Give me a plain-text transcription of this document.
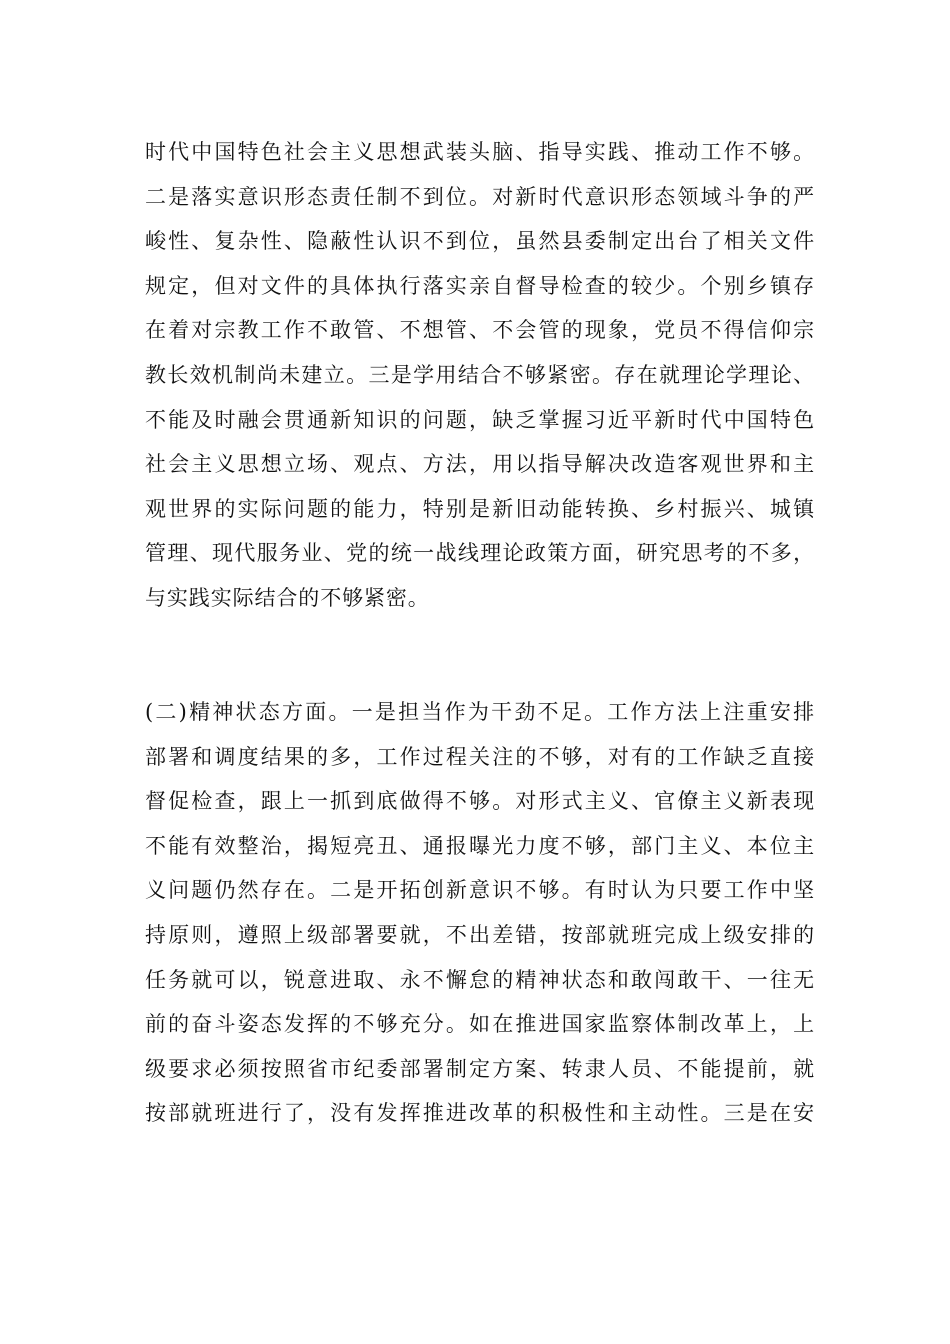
时代中国特色社会主义思想武装头脑、指导实践、推动工作不够。
二是落实意识形态责任制不到位。对新时代意识形态领域斗争的严
峻性、复杂性、隐蔽性认识不到位，虽然县委制定出台了相关文件
规定，但对文件的具体执行落实亲自督导检查的较少。个别乡镇存
在着对宗教工作不敢管、不想管、不会管的现象，党员不得信仰宗
教长效机制尚未建立。三是学用结合不够紧密。存在就理论学理论、
不能及时融会贯通新知识的问题，缺乏掌握习近平新时代中国特色
社会主义思想立场、观点、方法，用以指导解决改造客观世界和主
观世界的实际问题的能力，特别是新旧动能转换、乡村振兴、城镇
管理、现代服务业、党的统一战线理论政策方面，研究思考的不多，
与实践实际结合的不够紧密。
(二)精神状态方面。一是担当作为干劲不足。工作方法上注重安排
部署和调度结果的多，工作过程关注的不够，对有的工作缺乏直接
督促检查，跟上一抓到底做得不够。对形式主义、官僚主义新表现
不能有效整治，揭短亮丑、通报曝光力度不够，部门主义、本位主
义问题仍然存在。二是开拓创新意识不够。有时认为只要工作中坚
持原则，遵照上级部署要就，不出差错，按部就班完成上级安排的
任务就可以，锐意进取、永不懈怠的精神状态和敢闯敢干、一往无
前的奋斗姿态发挥的不够充分。如在推进国家监察体制改革上，上
级要求必须按照省市纪委部署制定方案、转隶人员、不能提前，就
按部就班进行了，没有发挥推进改革的积极性和主动性。三是在安
